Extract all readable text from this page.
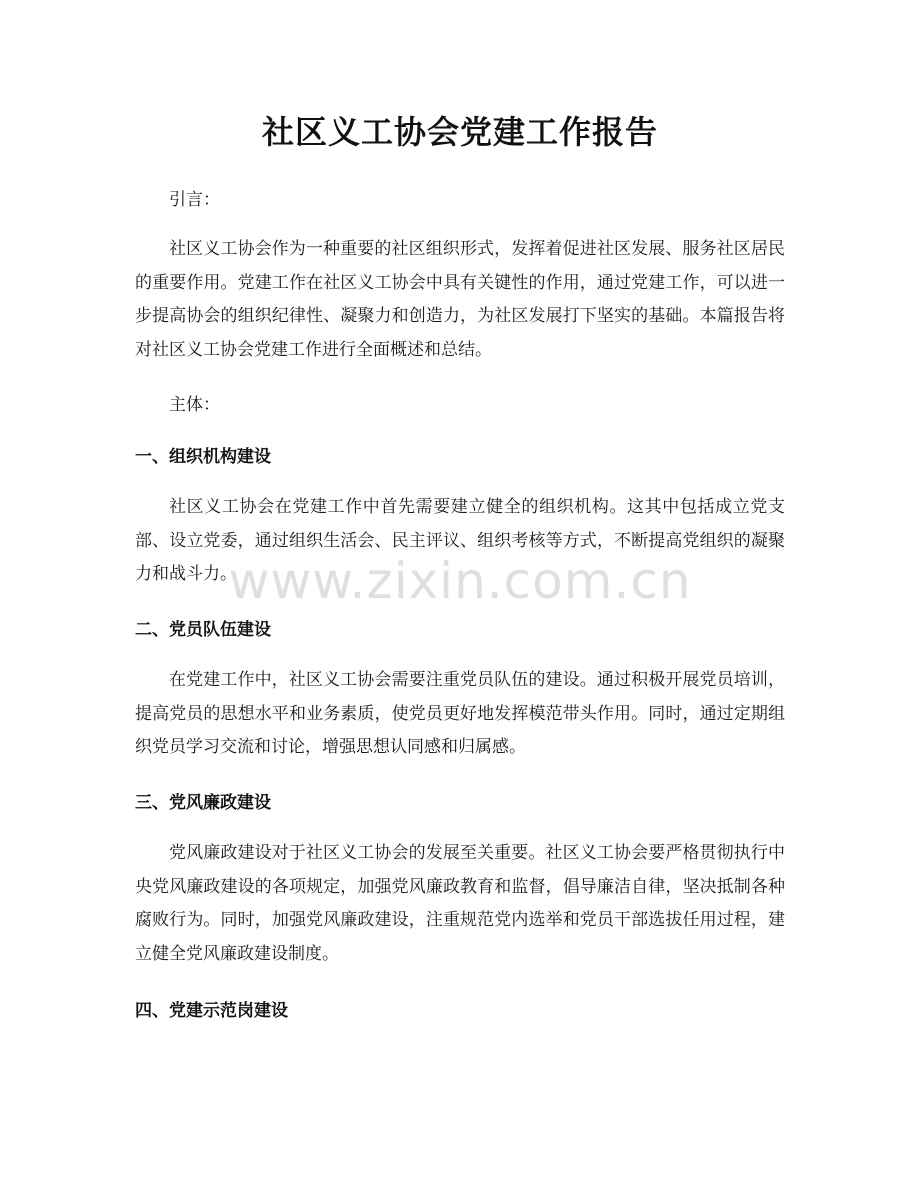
社区义工协会党建工作报告

引言：

社区义工协会作为一种重要的社区组织形式，发挥着促进社区发展、服务社区居民的重要作用。党建工作在社区义工协会中具有关键性的作用，通过党建工作，可以进一步提高协会的组织纪律性、凝聚力和创造力，为社区发展打下坚实的基础。本篇报告将对社区义工协会党建工作进行全面概述和总结。

主体：

一、组织机构建设

社区义工协会在党建工作中首先需要建立健全的组织机构。这其中包括成立党支部、设立党委，通过组织生活会、民主评议、组织考核等方式，不断提高党组织的凝聚力和战斗力。

二、党员队伍建设

在党建工作中，社区义工协会需要注重党员队伍的建设。通过积极开展党员培训，提高党员的思想水平和业务素质，使党员更好地发挥模范带头作用。同时，通过定期组织党员学习交流和讨论，增强思想认同感和归属感。

三、党风廉政建设

党风廉政建设对于社区义工协会的发展至关重要。社区义工协会要严格贯彻执行中央党风廉政建设的各项规定，加强党风廉政教育和监督，倡导廉洁自律，坚决抵制各种腐败行为。同时，加强党风廉政建设，注重规范党内选举和党员干部选拔任用过程，建立健全党风廉政建设制度。

四、党建示范岗建设

www.zixin.com.cn
